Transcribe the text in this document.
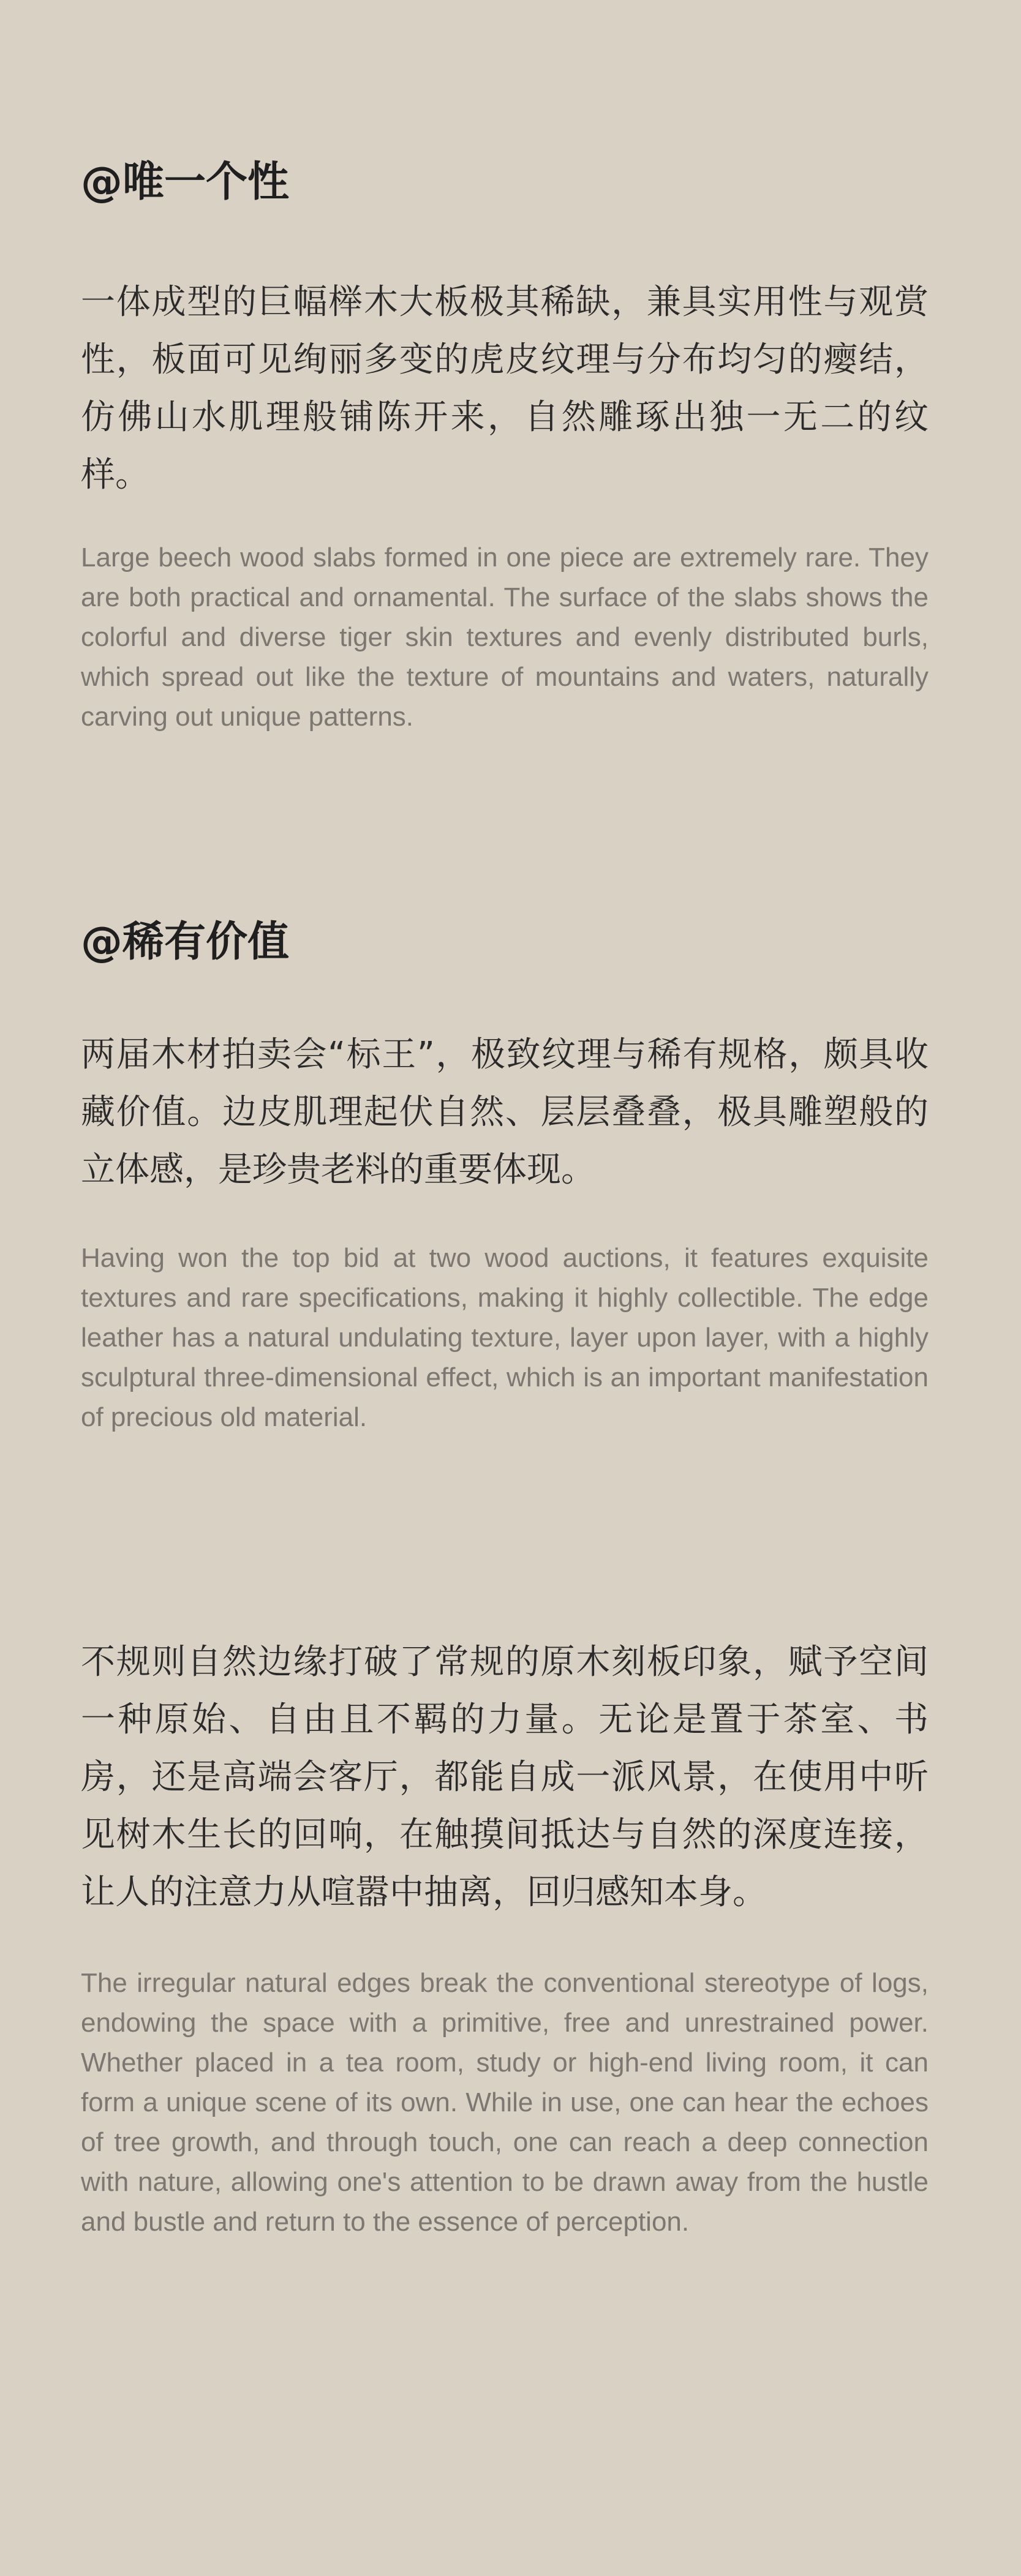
@唯一个性

一体成型的巨幅榉木大板极其稀缺，兼具实用性与观赏性，板面可见绚丽多变的虎皮纹理与分布均匀的瘿结，仿佛山水肌理般铺陈开来，自然雕琢出独一无二的纹样。

Large beech wood slabs formed in one piece are extremely rare. They are both practical and ornamental. The surface of the slabs shows the colorful and diverse tiger skin textures and evenly distributed burls, which spread out like the texture of mountains and waters, naturally carving out unique patterns.

@稀有价值

两届木材拍卖会“标王”，极致纹理与稀有规格，颇具收藏价值。边皮肌理起伏自然、层层叠叠，极具雕塑般的立体感，是珍贵老料的重要体现。

Having won the top bid at two wood auctions, it features exquisite textures and rare specifications, making it highly collectible. The edge leather has a natural undulating texture, layer upon layer, with a highly sculptural three-dimensional effect, which is an important manifestation of precious old material.

不规则自然边缘打破了常规的原木刻板印象，赋予空间一种原始、自由且不羁的力量。无论是置于茶室、书房，还是高端会客厅，都能自成一派风景，在使用中听见树木生长的回响，在触摸间抵达与自然的深度连接，让人的注意力从喧嚣中抽离，回归感知本身。

The irregular natural edges break the conventional stereotype of logs, endowing the space with a primitive, free and unrestrained power. Whether placed in a tea room, study or high-end living room, it can form a unique scene of its own. While in use, one can hear the echoes of tree growth, and through touch, one can reach a deep connection with nature, allowing one's attention to be drawn away from the hustle and bustle and return to the essence of perception.
